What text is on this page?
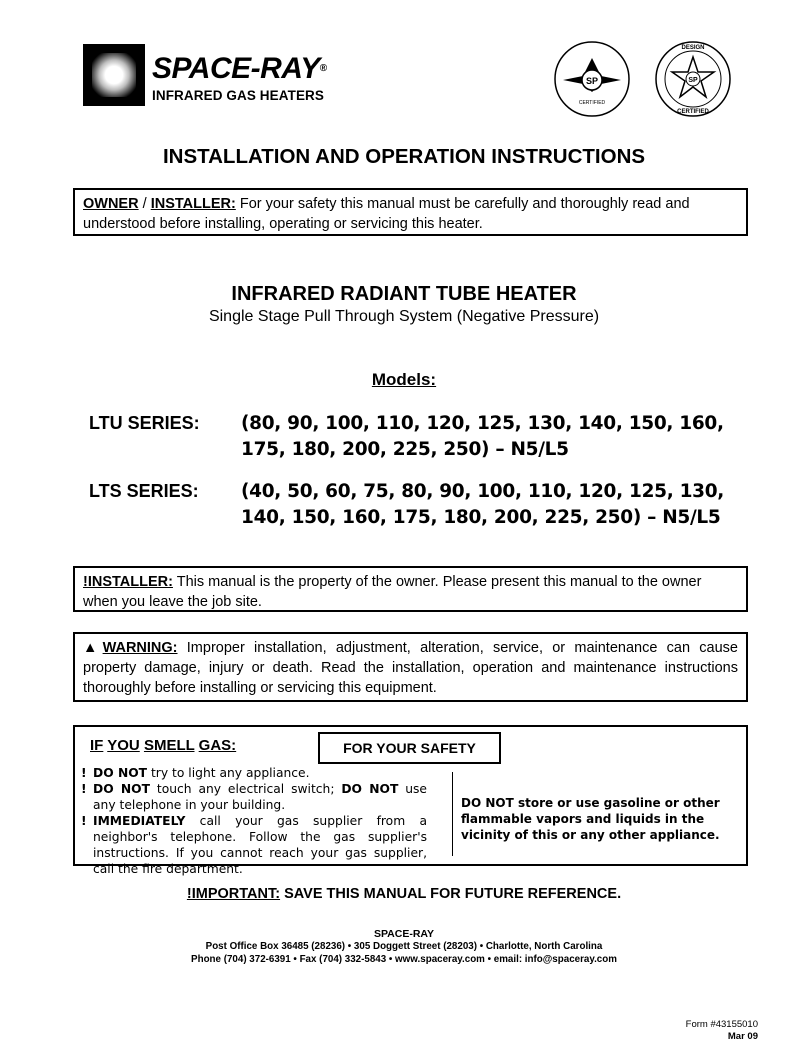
SPACE-RAY®
INFRARED GAS HEATERS
SP
CERTIFIED
SP
DESIGN
CERTIFIED
INSTALLATION AND OPERATION INSTRUCTIONS
OWNER / INSTALLER: For your safety this manual must be carefully and thoroughly read and understood before installing, operating or servicing this heater.
INFRARED RADIANT TUBE HEATER
Single Stage Pull Through System (Negative Pressure)
Models:
LTU SERIES: (80, 90, 100, 110, 120, 125, 130, 140, 150, 160,
175, 180, 200, 225, 250) – N5/L5
LTS SERIES: (40, 50, 60, 75, 80, 90, 100, 110, 120, 125, 130,
140, 150, 160, 175, 180, 200, 225, 250) – N5/L5
!INSTALLER: This manual is the property of the owner. Please present this manual to the owner when you leave the job site.
▲WARNING: Improper installation, adjustment, alteration, service, or maintenance can cause property damage, injury or death. Read the installation, operation and maintenance instructions thoroughly before installing or servicing this equipment.
IF YOU SMELL GAS:	FOR YOUR SAFETY
! DO NOT try to light any appliance.
! DO NOT touch any electrical switch; DO NOT use any telephone in your building.
! IMMEDIATELY call your gas supplier from a neighbor's telephone. Follow the gas supplier's instructions. If you cannot reach your gas supplier, call the fire department.
DO NOT store or use gasoline or other flammable vapors and liquids in the vicinity of this or any other appliance.
!IMPORTANT: SAVE THIS MANUAL FOR FUTURE REFERENCE.
SPACE-RAY
Post Office Box 36485 (28236) • 305 Doggett Street (28203) • Charlotte, North Carolina
Phone (704) 372-6391 • Fax (704) 332-5843 • www.spaceray.com • email: info@spaceray.com
Form #43155010
Mar 09
